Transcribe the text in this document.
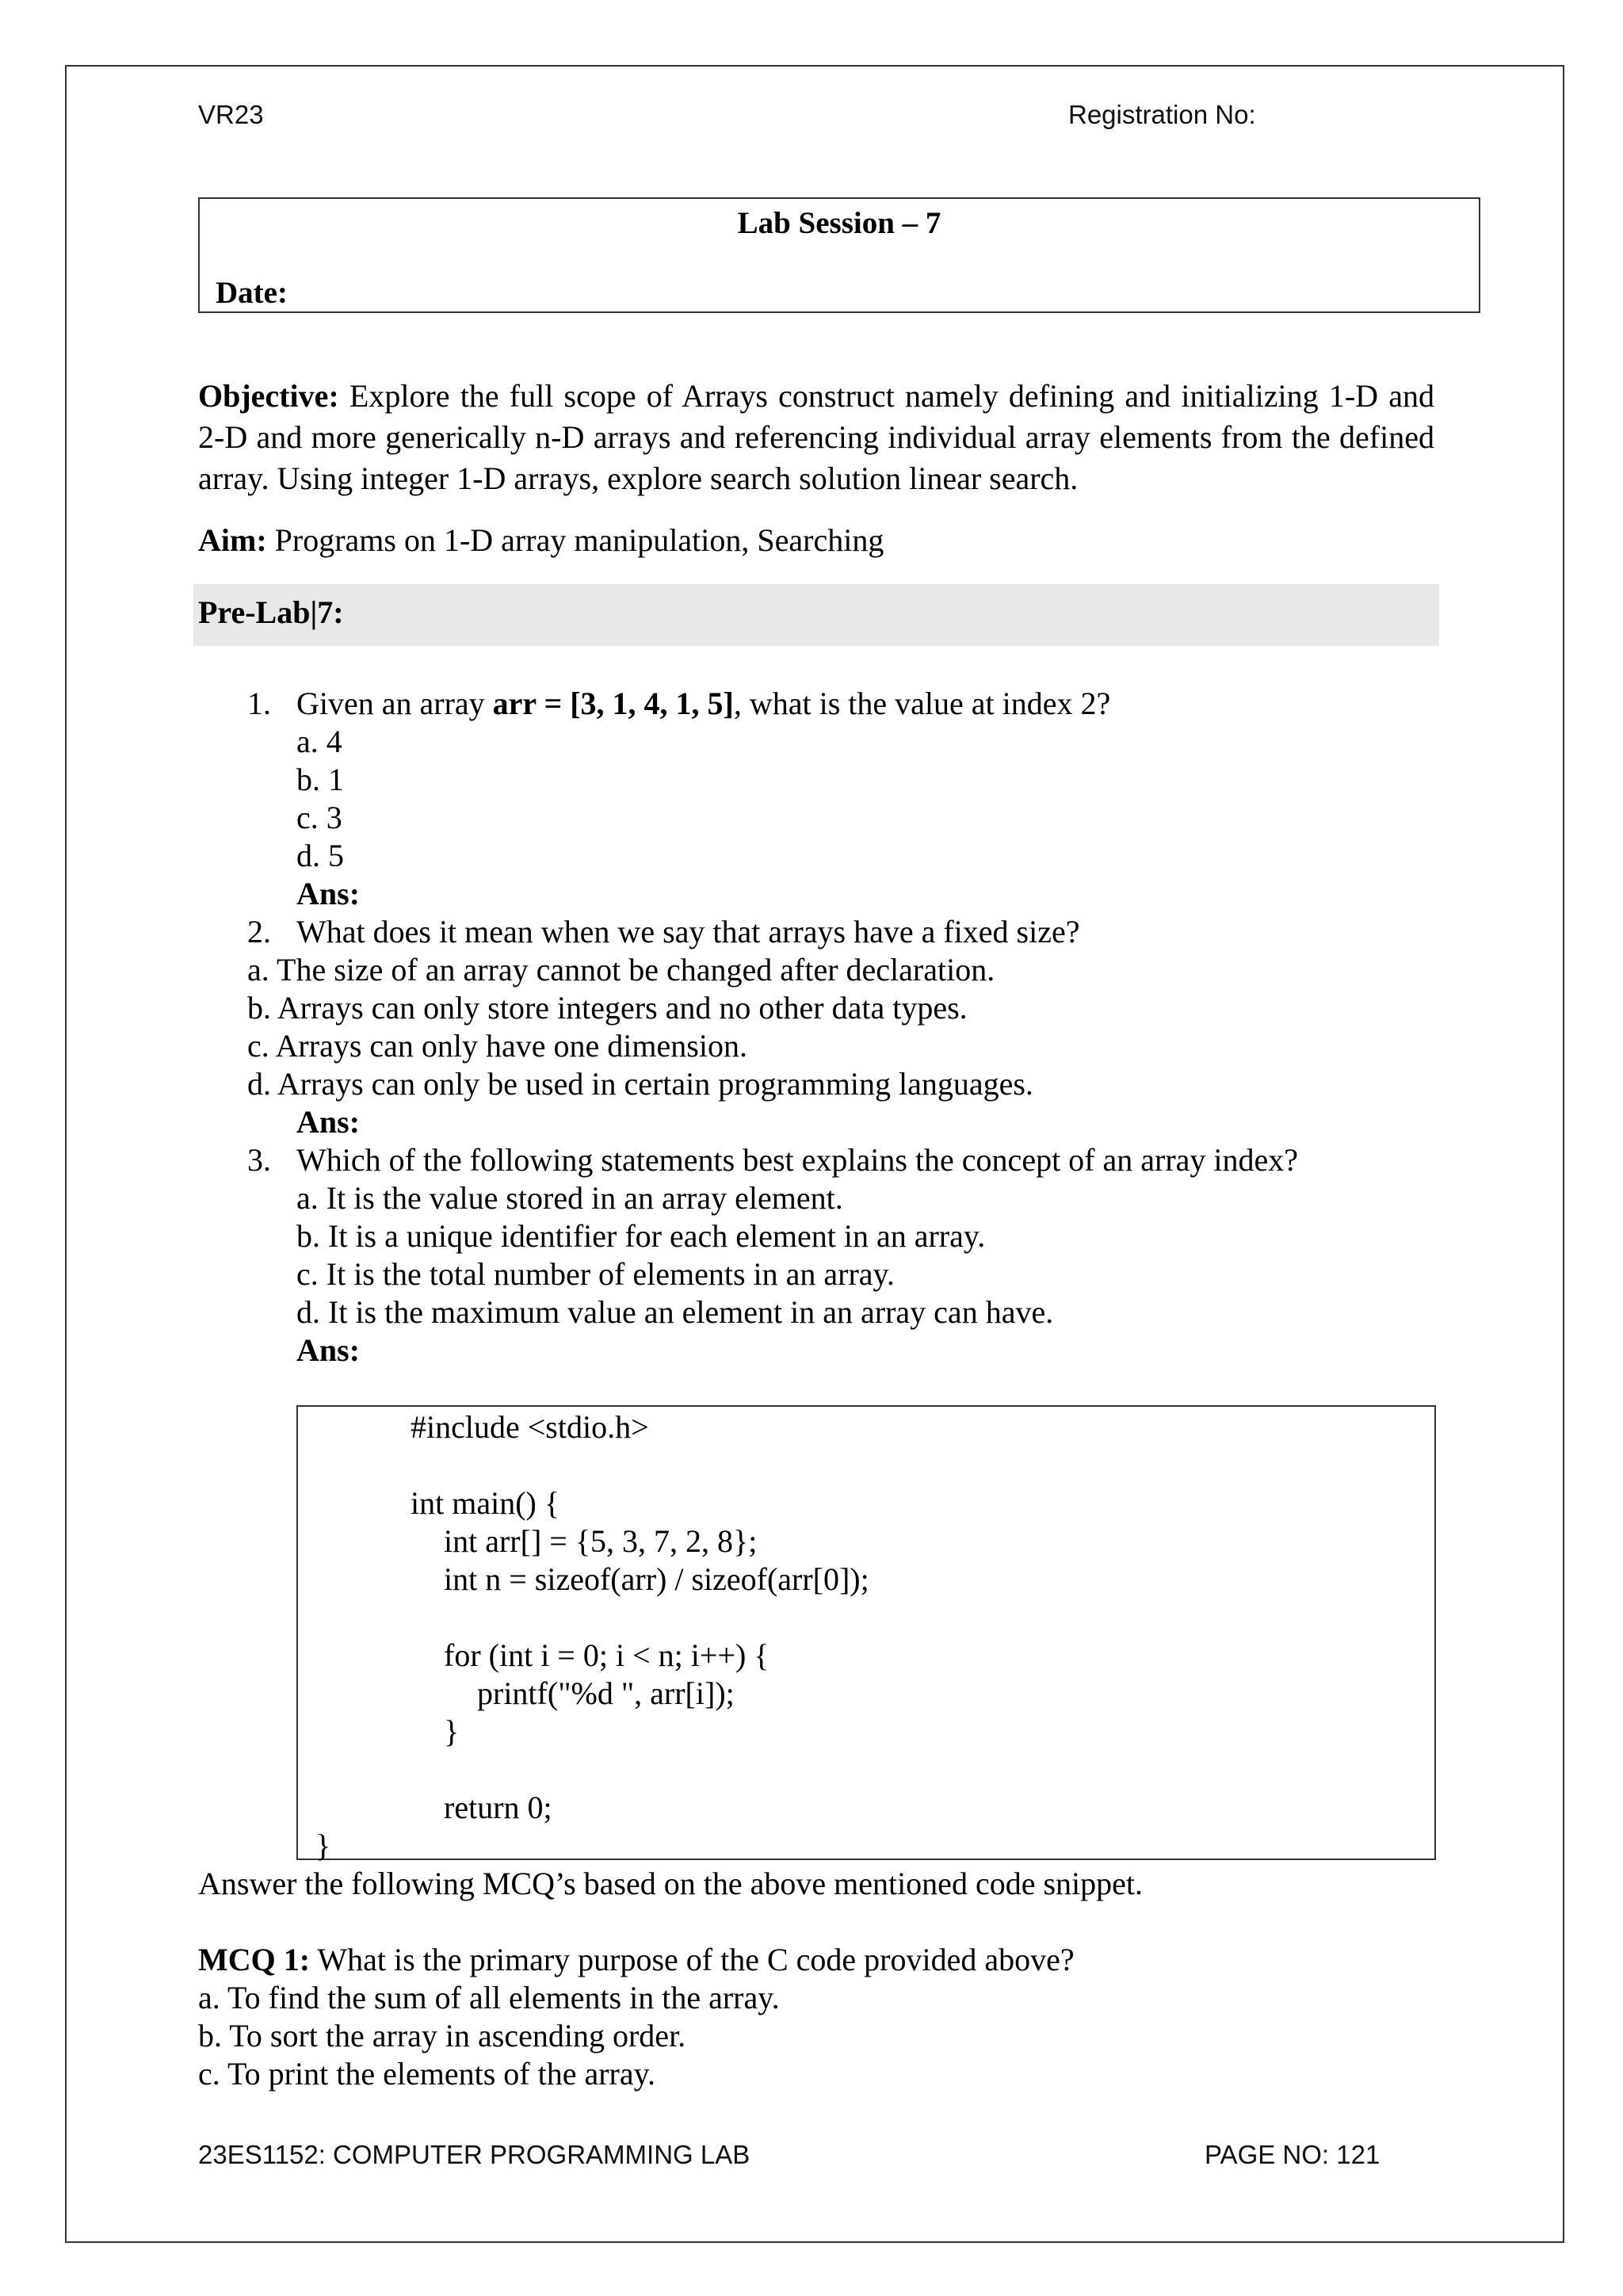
VR23	Registration No:
Lab Session – 7
Date:
Objective: Explore the full scope of Arrays construct namely defining and initializing 1-D and 2-D and more generically n-D arrays and referencing individual array elements from the defined array. Using integer 1-D arrays, explore search solution linear search.
Aim: Programs on 1-D array manipulation, Searching
Pre-Lab|7:
1. Given an array arr = [3, 1, 4, 1, 5], what is the value at index 2?
a. 4
b. 1
c. 3
d. 5
Ans:
2. What does it mean when we say that arrays have a fixed size?
a. The size of an array cannot be changed after declaration.
b. Arrays can only store integers and no other data types.
c. Arrays can only have one dimension.
d. Arrays can only be used in certain programming languages.
Ans:
3. Which of the following statements best explains the concept of an array index?
a. It is the value stored in an array element.
b. It is a unique identifier for each element in an array.
c. It is the total number of elements in an array.
d. It is the maximum value an element in an array can have.
Ans:
#include <stdio.h>
int main() {
int arr[] = {5, 3, 7, 2, 8};
int n = sizeof(arr) / sizeof(arr[0]);
for (int i = 0; i < n; i++) {
printf("%d ", arr[i]);
}
return 0;
}
Answer the following MCQ’s based on the above mentioned code snippet.
MCQ 1: What is the primary purpose of the C code provided above?
a. To find the sum of all elements in the array.
b. To sort the array in ascending order.
c. To print the elements of the array.
23ES1152: COMPUTER PROGRAMMING LAB	PAGE NO: 121
